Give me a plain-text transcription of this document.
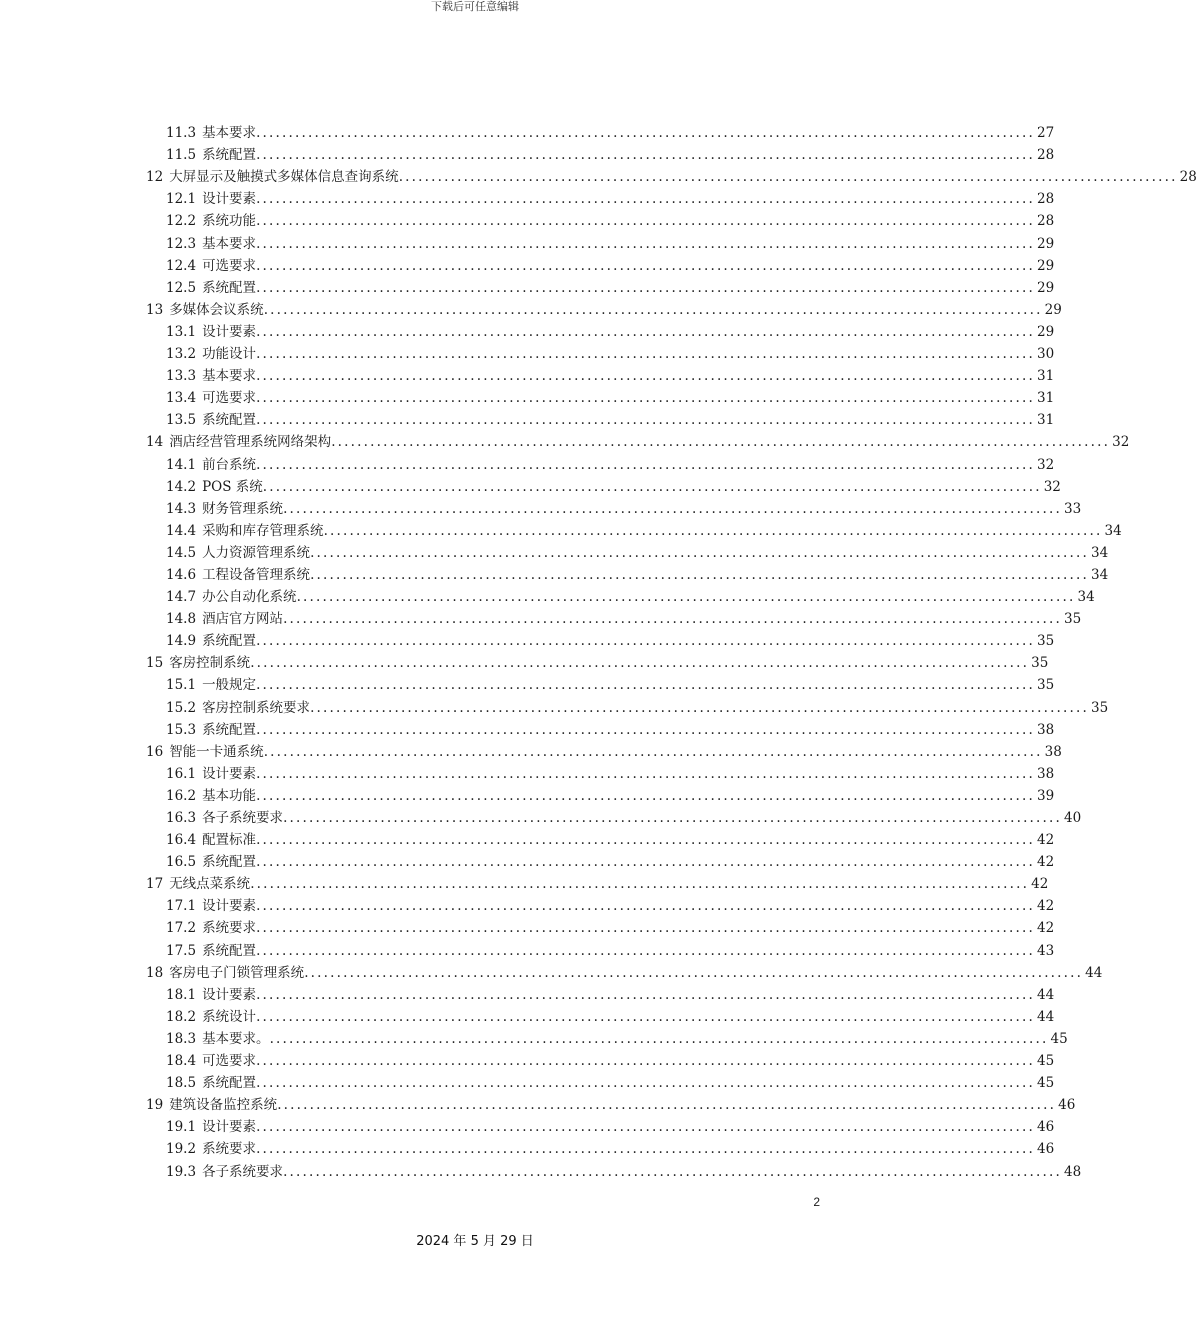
下载后可任意编辑
11.3 基本要求 ........................................................................................................................ 27
11.5 系统配置 ........................................................................................................................ 28
12 大屏显示及触摸式多媒体信息查询系统 ........................................................................................................................ 28
12.1 设计要素 ........................................................................................................................ 28
12.2 系统功能 ........................................................................................................................ 28
12.3 基本要求 ........................................................................................................................ 29
12.4 可选要求 ........................................................................................................................ 29
12.5 系统配置 ........................................................................................................................ 29
13 多媒体会议系统 ........................................................................................................................ 29
13.1 设计要素 ........................................................................................................................ 29
13.2 功能设计 ........................................................................................................................ 30
13.3 基本要求 ........................................................................................................................ 31
13.4 可选要求 ........................................................................................................................ 31
13.5 系统配置 ........................................................................................................................ 31
14 酒店经营管理系统网络架构 ........................................................................................................................ 32
14.1 前台系统 ........................................................................................................................ 32
14.2 POS 系统 ........................................................................................................................ 32
14.3 财务管理系统 ........................................................................................................................ 33
14.4 采购和库存管理系统 ........................................................................................................................ 34
14.5 人力资源管理系统 ........................................................................................................................ 34
14.6 工程设备管理系统 ........................................................................................................................ 34
14.7 办公自动化系统 ........................................................................................................................ 34
14.8 酒店官方网站 ........................................................................................................................ 35
14.9 系统配置 ........................................................................................................................ 35
15 客房控制系统 ........................................................................................................................ 35
15.1 一般规定 ........................................................................................................................ 35
15.2 客房控制系统要求 ........................................................................................................................ 35
15.3 系统配置 ........................................................................................................................ 38
16 智能一卡通系统 ........................................................................................................................ 38
16.1 设计要素 ........................................................................................................................ 38
16.2 基本功能 ........................................................................................................................ 39
16.3 各子系统要求 ........................................................................................................................ 40
16.4 配置标准 ........................................................................................................................ 42
16.5 系统配置 ........................................................................................................................ 42
17 无线点菜系统 ........................................................................................................................ 42
17.1 设计要素 ........................................................................................................................ 42
17.2 系统要求 ........................................................................................................................ 42
17.5 系统配置 ........................................................................................................................ 43
18 客房电子门锁管理系统 ........................................................................................................................ 44
18.1 设计要素 ........................................................................................................................ 44
18.2 系统设计 ........................................................................................................................ 44
18.3 基本要求。 ........................................................................................................................ 45
18.4 可选要求 ........................................................................................................................ 45
18.5 系统配置 ........................................................................................................................ 45
19 建筑设备监控系统 ........................................................................................................................ 46
19.1 设计要素 ........................................................................................................................ 46
19.2 系统要求 ........................................................................................................................ 46
19.3 各子系统要求 ........................................................................................................................ 48
2
2024 年 5 月 29 日
